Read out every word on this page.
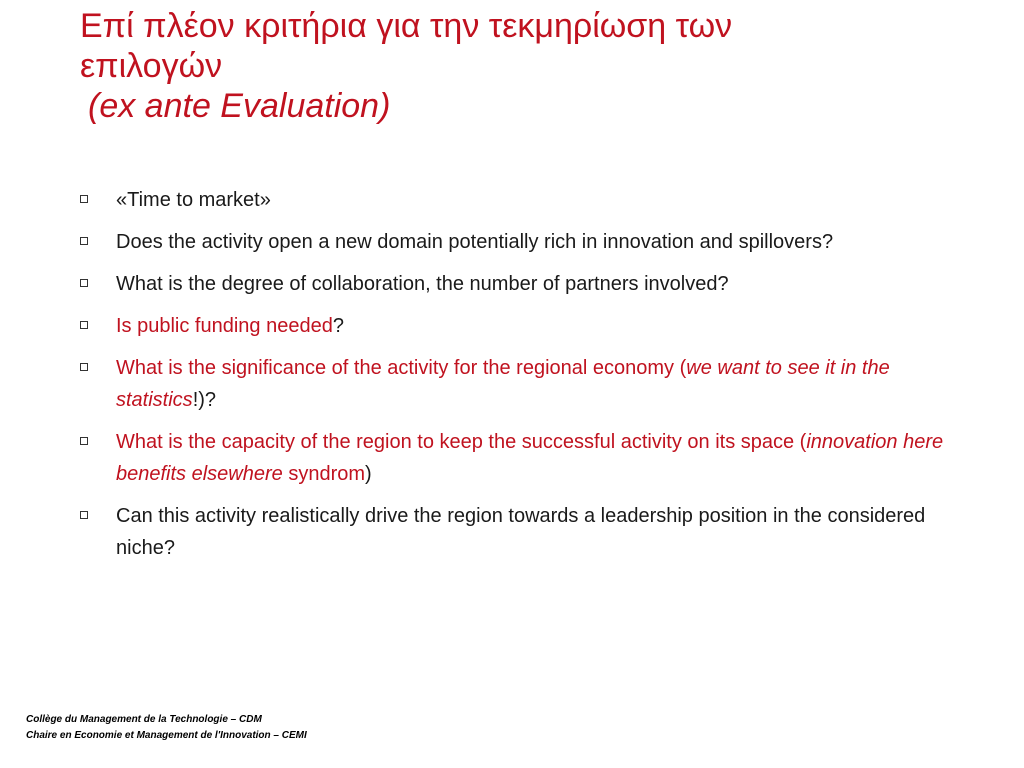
Επί πλέον κριτήρια για την τεκμηρίωση των
επιλογών
(ex ante Evaluation)
«Time to market»
Does the activity open a new domain potentially rich in innovation and spillovers?
What is the degree of collaboration, the number of partners involved?
Is public funding needed?
What is the significance of the activity for the regional economy (we want to see it in the statistics!)?
What is the capacity of the region to keep the successful activity on its space (innovation here benefits elsewhere syndrom)
Can this activity realistically drive the region towards a leadership position in the considered niche?
Collège du Management de la Technologie – CDM
Chaire en Economie et Management de l'Innovation – CEMI
